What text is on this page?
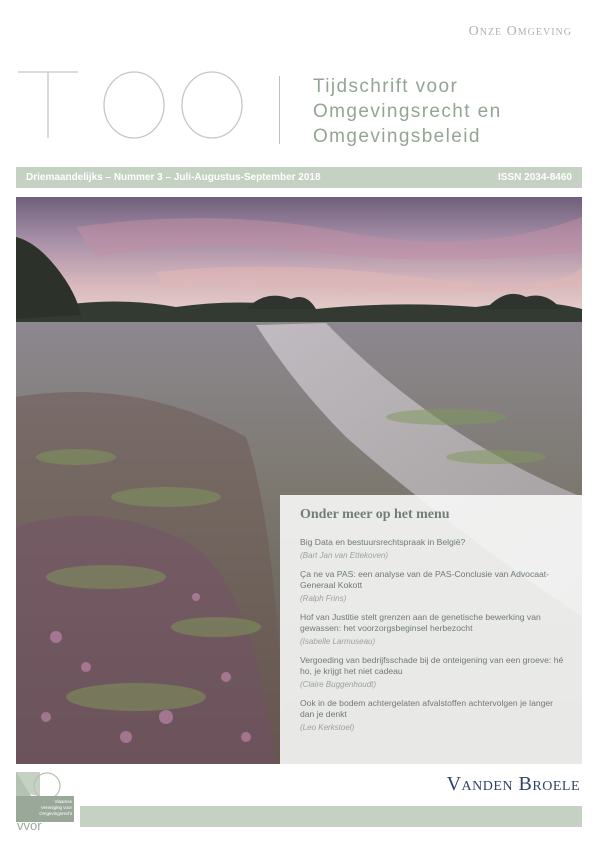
Onze Omgeving
TOO
Tijdschrift voor
Omgevingsrecht en
Omgevingsbeleid
Driemaandelijks – Nummer 3 – Juli-Augustus-September 2018	ISSN 2034-8460
Onder meer op het menu
Big Data en bestuursrechtspraak in België?
(Bart Jan van Ettekoven)
Ça ne va PAS: een analyse van de PAS-Conclusie van Advocaat-Generaal Kokott
(Ralph Frins)
Hof van Justitie stelt grenzen aan de genetische bewerking van gewassen: het voorzorgsbeginsel herbezocht
(Isabelle Larmuseau)
Vergoeding van bedrijfsschade bij de onteigening van een groeve: hé ho, je krijgt het niet cadeau
(Claire Buggenhoudt)
Ook in de bodem achtergelaten afvalstoffen achtervolgen je langer dan je denkt
(Leo Kerkstoel)
Vlaamse
Vereniging voor
Omgevingsrecht
vvor
Vanden Broele
